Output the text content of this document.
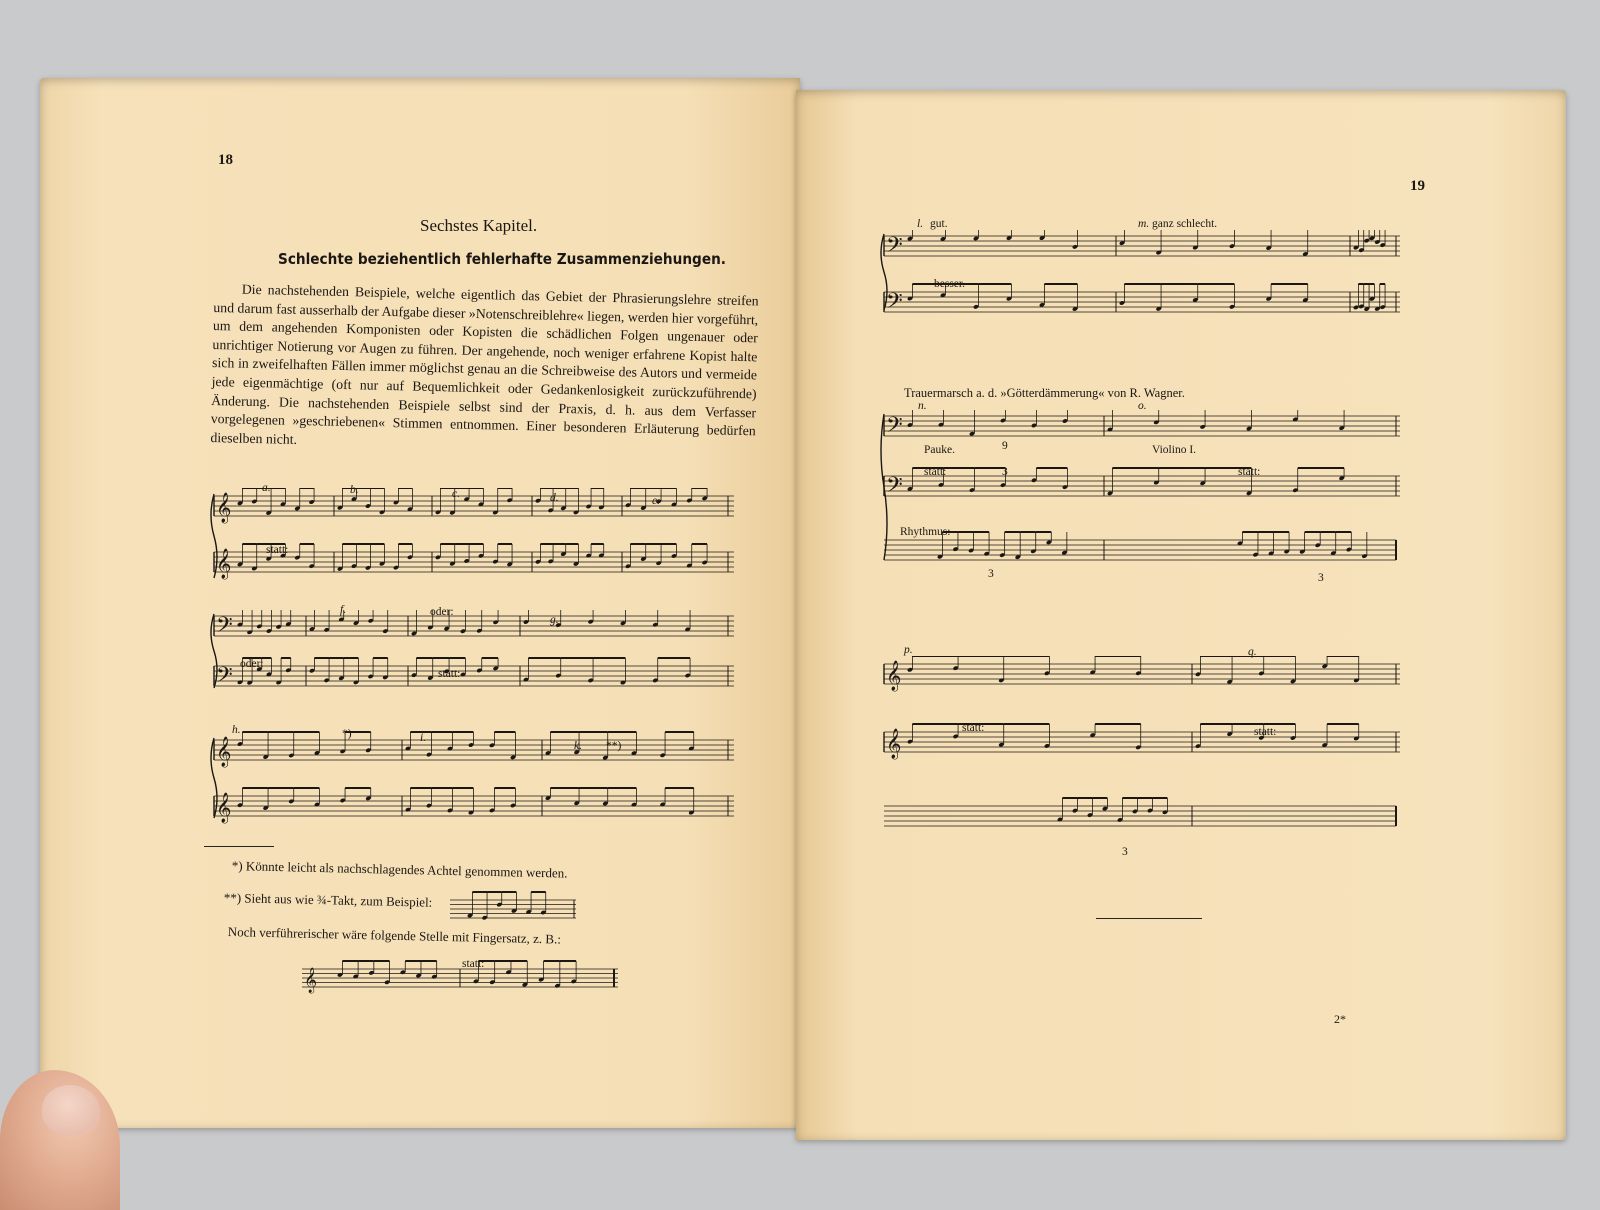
18
Sechstes Kapitel.
Schlechte beziehentlich fehlerhafte Zusammenziehungen.
Die nachstehenden Beispiele, welche eigentlich das Gebiet der Phrasierungslehre streifen und darum fast ausserhalb der Aufgabe dieser »Notenschreiblehre« liegen, werden hier vorgeführt, um dem angehenden Komponisten oder Kopisten die schädlichen Folgen ungenauer oder unrichtiger Notierung vor Augen zu führen. Der angehende, noch weniger erfahrene Kopist halte sich in zweifelhaften Fällen immer möglichst genau an die Schreibweise des Autors und vermeide jede eigenmächtige (oft nur auf Bequemlichkeit oder Gedankenlosigkeit zurückzuführende) Änderung. Die nachstehenden Beispiele selbst sind der Praxis, d. h. aus dem Verfasser vorgelegenen »geschriebenen« Stimmen entnommen. Einer besonderen Erläuterung bedürfen dieselben nicht.
𝄞
𝄞
𝄢
𝄢
𝄞
𝄞
a.	b.	c.	d.	e.
statt:
f.	oder:
g.
oder:
statt:
h.	*)	i.
k. **)
*) Könnte leicht als nachschlagendes Achtel genommen werden.
**) Sieht aus wie ¾-Takt, zum Beispiel:
Noch verführerischer wäre folgende Stelle mit Fingersatz, z. B.:
𝄞
statt:
19
l. gut.	m. ganz schlecht.
besser.
𝄢
𝄢
Trauermarsch a. d. »Götterdämmerung« von R. Wagner.
n.	o.
𝄢
𝄢
Pauke.	Violino I.
9
statt:	statt:
3
Rhythmus:
3	3
p.	q.
𝄞
𝄞
statt:	statt:
3
2*
